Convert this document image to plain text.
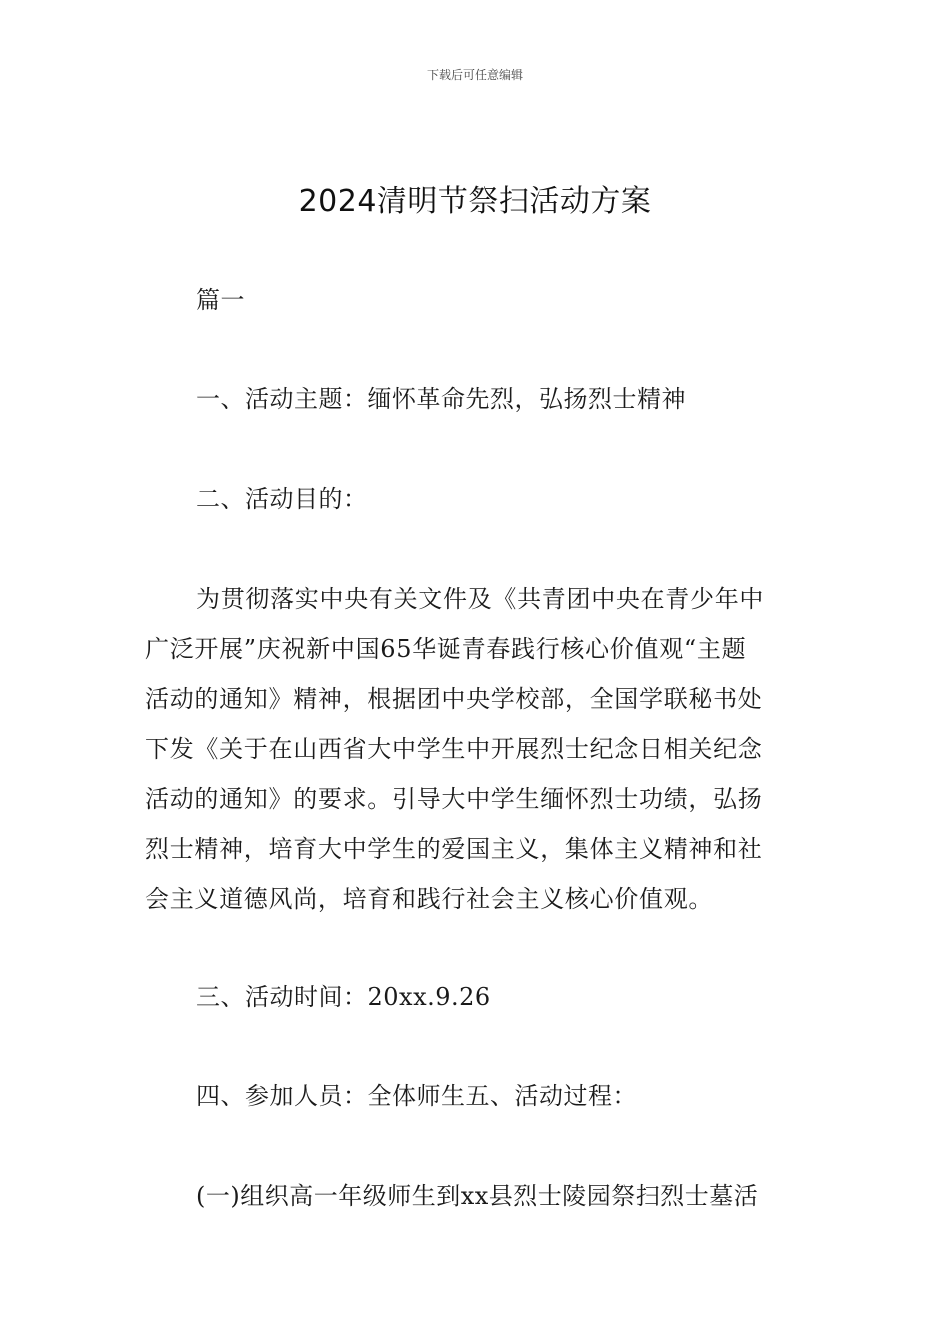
下载后可任意编辑
2024清明节祭扫活动方案
篇一
一、活动主题：缅怀革命先烈，弘扬烈士精神
二、活动目的：
为贯彻落实中央有关文件及《共青团中央在青少年中
广泛开展”庆祝新中国65华诞青春践行核心价值观“主题
活动的通知》精神，根据团中央学校部，全国学联秘书处
下发《关于在山西省大中学生中开展烈士纪念日相关纪念
活动的通知》的要求。引导大中学生缅怀烈士功绩，弘扬
烈士精神，培育大中学生的爱国主义，集体主义精神和社
会主义道德风尚，培育和践行社会主义核心价值观。
三、活动时间：20xx.9.26
四、参加人员：全体师生五、活动过程：
(一)组织高一年级师生到xx县烈士陵园祭扫烈士墓活
